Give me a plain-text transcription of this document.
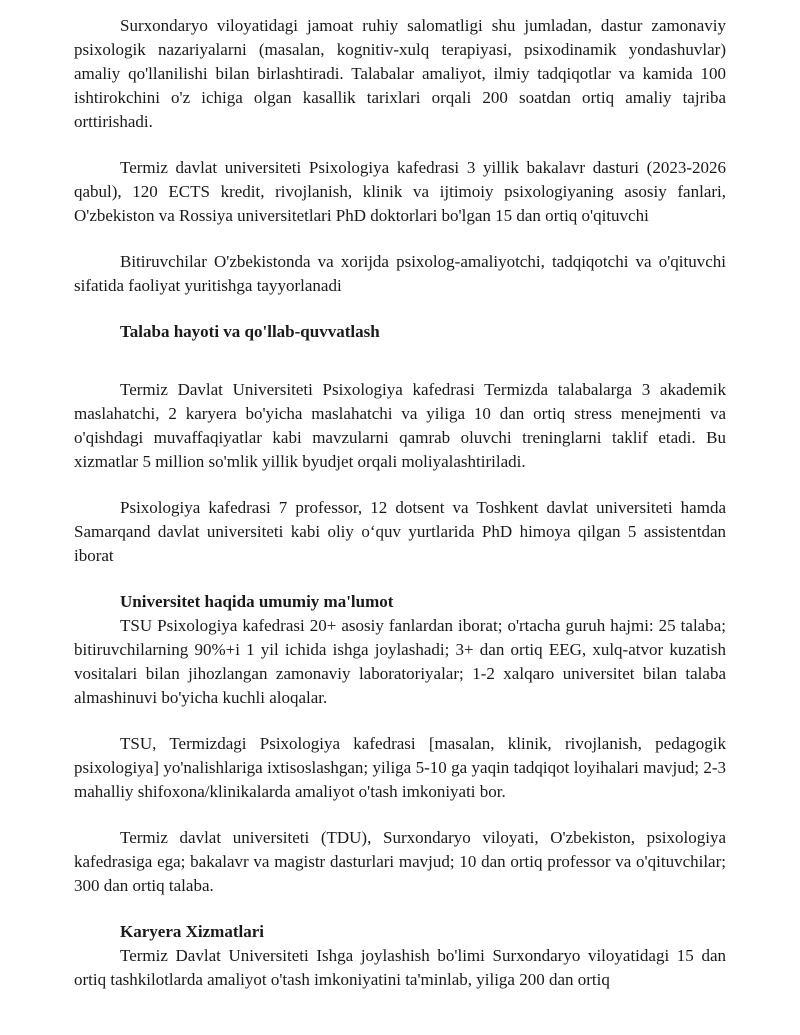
Surxondaryo viloyatidagi jamoat ruhiy salomatligi shu jumladan, dastur zamonaviy psixologik nazariyalarni (masalan, kognitiv-xulq terapiyasi, psixodinamik yondashuvlar) amaliy qo'llanilishi bilan birlashtiradi. Talabalar amaliyot, ilmiy tadqiqotlar va kamida 100 ishtirokchini o'z ichiga olgan kasallik tarixlari orqali 200 soatdan ortiq amaliy tajriba orttirishadi.

Termiz davlat universiteti Psixologiya kafedrasi 3 yillik bakalavr dasturi (2023-2026 qabul), 120 ECTS kredit, rivojlanish, klinik va ijtimoiy psixologiyaning asosiy fanlari, O'zbekiston va Rossiya universitetlari PhD doktorlari bo'lgan 15 dan ortiq o'qituvchi

Bitiruvchilar O'zbekistonda va xorijda psixolog-amaliyotchi, tadqiqotchi va o'qituvchi sifatida faoliyat yuritishga tayyorlanadi

Talaba hayoti va qo'llab-quvvatlash

Termiz Davlat Universiteti Psixologiya kafedrasi Termizda talabalarga 3 akademik maslahatchi, 2 karyera bo'yicha maslahatchi va yiliga 10 dan ortiq stress menejmenti va o'qishdagi muvaffaqiyatlar kabi mavzularni qamrab oluvchi treninglarni taklif etadi. Bu xizmatlar 5 million so'mlik yillik byudjet orqali moliyalashtiriladi.

Psixologiya kafedrasi 7 professor, 12 dotsent va Toshkent davlat universiteti hamda Samarqand davlat universiteti kabi oliy o‘quv yurtlarida PhD himoya qilgan 5 assistentdan iborat

Universitet haqida umumiy ma'lumot

TSU Psixologiya kafedrasi 20+ asosiy fanlardan iborat; o'rtacha guruh hajmi: 25 talaba; bitiruvchilarning 90%+i 1 yil ichida ishga joylashadi; 3+ dan ortiq EEG, xulq-atvor kuzatish vositalari bilan jihozlangan zamonaviy laboratoriyalar; 1-2 xalqaro universitet bilan talaba almashinuvi bo'yicha kuchli aloqalar.

TSU, Termizdagi Psixologiya kafedrasi [masalan, klinik, rivojlanish, pedagogik psixologiya] yo'nalishlariga ixtisoslashgan; yiliga 5-10 ga yaqin tadqiqot loyihalari mavjud; 2-3 mahalliy shifoxona/klinikalarda amaliyot o'tash imkoniyati bor.

Termiz davlat universiteti (TDU), Surxondaryo viloyati, O'zbekiston, psixologiya kafedrasiga ega; bakalavr va magistr dasturlari mavjud; 10 dan ortiq professor va o'qituvchilar; 300 dan ortiq talaba.

Karyera Xizmatlari

Termiz Davlat Universiteti Ishga joylashish bo'limi Surxondaryo viloyatidagi 15 dan ortiq tashkilotlarda amaliyot o'tash imkoniyatini ta'minlab, yiliga 200 dan ortiq
